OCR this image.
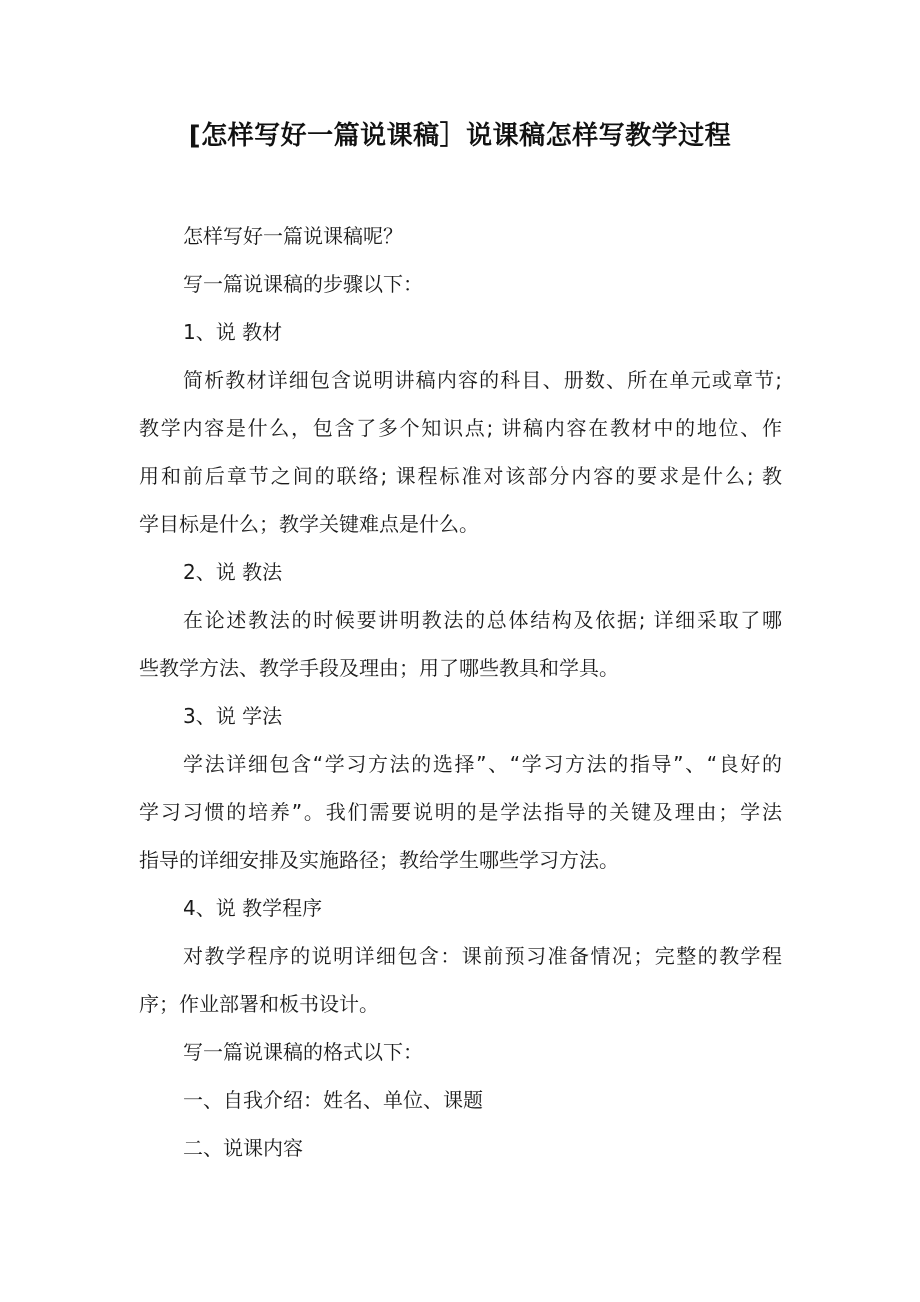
[怎样写好一篇说课稿］说课稿怎样写教学过程
怎样写好一篇说课稿呢？
写一篇说课稿的步骤以下：
1、说 教材
简析教材详细包含说明讲稿内容的科目、册数、所在单元或章节;
教学内容是什么，包含了多个知识点; 讲稿内容在教材中的地位、作
用和前后章节之间的联络; 课程标准对该部分内容的要求是什么; 教
学目标是什么；教学关键难点是什么。
2、说 教法
在论述教法的时候要讲明教法的总体结构及依据; 详细采取了哪
些教学方法、教学手段及理由；用了哪些教具和学具。
3、说 学法
学法详细包含“学习方法的选择”、“学习方法的指导”、“良好的
学习习惯的培养”。我们需要说明的是学法指导的关键及理由；学法
指导的详细安排及实施路径；教给学生哪些学习方法。
4、说 教学程序
对教学程序的说明详细包含：课前预习准备情况；完整的教学程
序；作业部署和板书设计。
写一篇说课稿的格式以下：
一、自我介绍：姓名、单位、课题
二、说课内容
